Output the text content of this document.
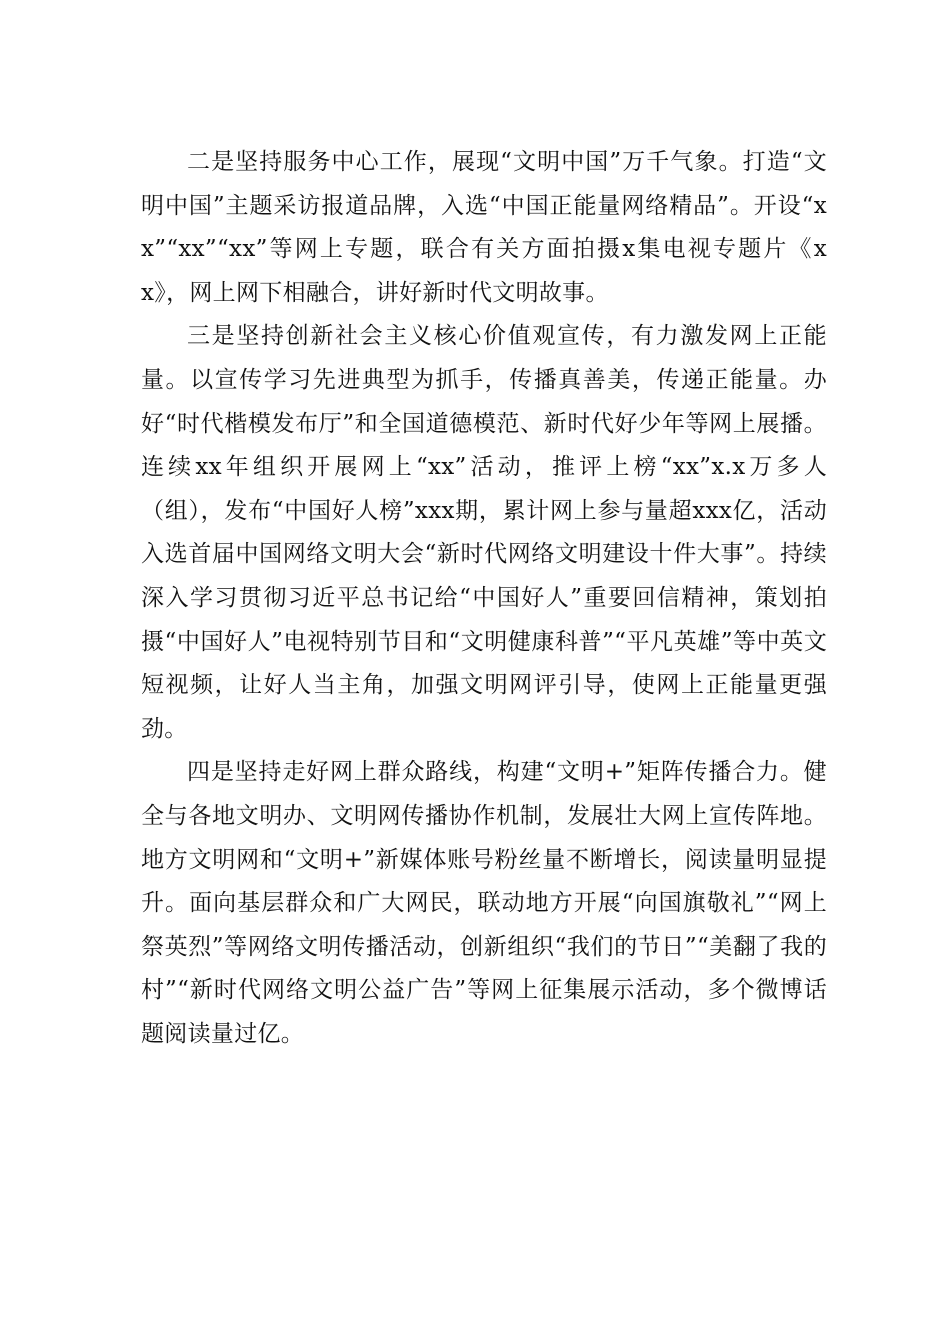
二是坚持服务中心工作，展现“文明中国”万千气象。打造“文明中国”主题采访报道品牌，入选“中国正能量网络精品”。开设“xx”“xx”“xx”等网上专题，联合有关方面拍摄x集电视专题片《xx》，网上网下相融合，讲好新时代文明故事。

三是坚持创新社会主义核心价值观宣传，有力激发网上正能量。以宣传学习先进典型为抓手，传播真善美，传递正能量。办好“时代楷模发布厅”和全国道德模范、新时代好少年等网上展播。连续xx年组织开展网上“xx”活动，推评上榜“xx”x.x万多人（组），发布“中国好人榜”xxx期，累计网上参与量超xxx亿，活动入选首届中国网络文明大会“新时代网络文明建设十件大事”。持续深入学习贯彻习近平总书记给“中国好人”重要回信精神，策划拍摄“中国好人”电视特别节目和“文明健康科普”“平凡英雄”等中英文短视频，让好人当主角，加强文明网评引导，使网上正能量更强劲。

四是坚持走好网上群众路线，构建“文明+”矩阵传播合力。健全与各地文明办、文明网传播协作机制，发展壮大网上宣传阵地。地方文明网和“文明+”新媒体账号粉丝量不断增长，阅读量明显提升。面向基层群众和广大网民，联动地方开展“向国旗敬礼”“网上祭英烈”等网络文明传播活动，创新组织“我们的节日”“美翻了我的村”“新时代网络文明公益广告”等网上征集展示活动，多个微博话题阅读量过亿。
